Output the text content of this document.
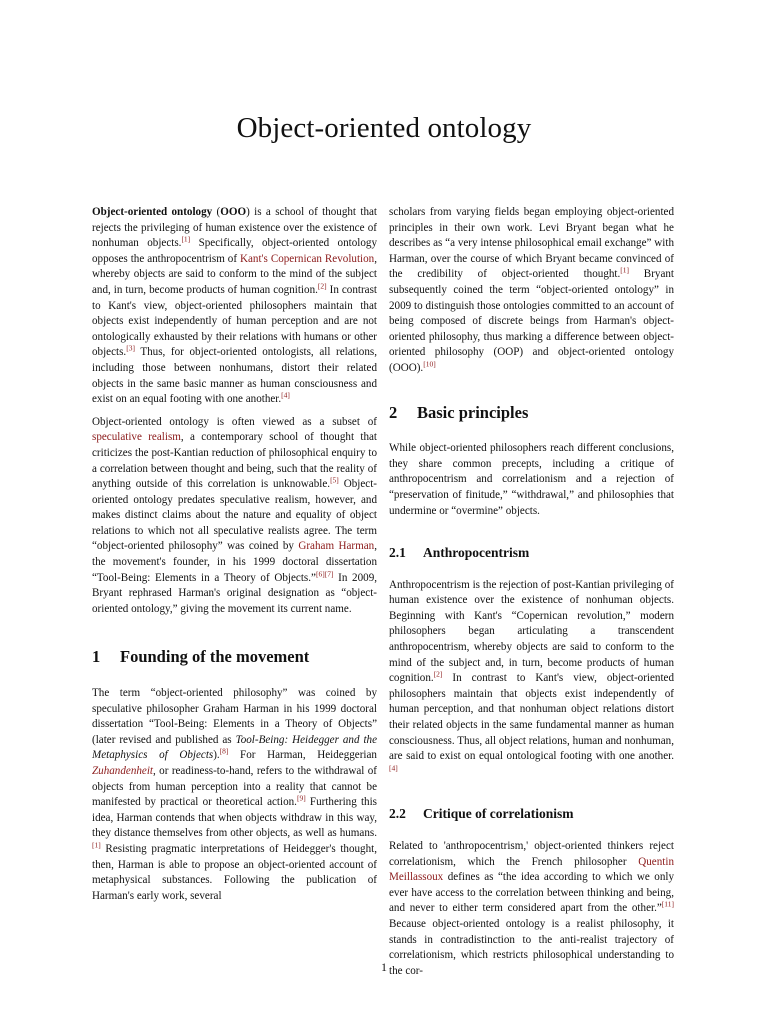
Object-oriented ontology

Object-oriented ontology (OOO) is a school of thought that rejects the privileging of human existence over the existence of nonhuman objects.[1] Specifically, object-oriented ontology opposes the anthropocentrism of Kant's Copernican Revolution, whereby objects are said to conform to the mind of the subject and, in turn, become products of human cognition.[2] In contrast to Kant's view, object-oriented philosophers maintain that objects exist independently of human perception and are not ontologically exhausted by their relations with humans or other objects.[3] Thus, for object-oriented ontologists, all relations, including those between nonhumans, distort their related objects in the same basic manner as human consciousness and exist on an equal footing with one another.[4]

Object-oriented ontology is often viewed as a subset of speculative realism, a contemporary school of thought that criticizes the post-Kantian reduction of philosophical enquiry to a correlation between thought and being, such that the reality of anything outside of this correlation is unknowable.[5] Object-oriented ontology predates speculative realism, however, and makes distinct claims about the nature and equality of object relations to which not all speculative realists agree. The term “object-oriented philosophy” was coined by Graham Harman, the movement's founder, in his 1999 doctoral dissertation “Tool-Being: Elements in a Theory of Objects.”[6][7] In 2009, Bryant rephrased Harman's original designation as “object-oriented ontology,” giving the movement its current name.

1 Founding of the movement

The term “object-oriented philosophy” was coined by speculative philosopher Graham Harman in his 1999 doctoral dissertation “Tool-Being: Elements in a Theory of Objects” (later revised and published as Tool-Being: Heidegger and the Metaphysics of Objects).[8] For Harman, Heideggerian Zuhandenheit, or readiness-to-hand, refers to the withdrawal of objects from human perception into a reality that cannot be manifested by practical or theoretical action.[9] Furthering this idea, Harman contends that when objects withdraw in this way, they distance themselves from other objects, as well as humans.[1] Resisting pragmatic interpretations of Heidegger's thought, then, Harman is able to propose an object-oriented account of metaphysical substances. Following the publication of Harman's early work, several

scholars from varying fields began employing object-oriented principles in their own work. Levi Bryant began what he describes as “a very intense philosophical email exchange” with Harman, over the course of which Bryant became convinced of the credibility of object-oriented thought.[1] Bryant subsequently coined the term “object-oriented ontology” in 2009 to distinguish those ontologies committed to an account of being composed of discrete beings from Harman's object-oriented philosophy, thus marking a difference between object-oriented philosophy (OOP) and object-oriented ontology (OOO).[10]

2 Basic principles

While object-oriented philosophers reach different conclusions, they share common precepts, including a critique of anthropocentrism and correlationism and a rejection of “preservation of finitude,” “withdrawal,” and philosophies that undermine or “overmine” objects.

2.1 Anthropocentrism

Anthropocentrism is the rejection of post-Kantian privileging of human existence over the existence of nonhuman objects. Beginning with Kant's “Copernican revolution,” modern philosophers began articulating a transcendent anthropocentrism, whereby objects are said to conform to the mind of the subject and, in turn, become products of human cognition.[2] In contrast to Kant's view, object-oriented philosophers maintain that objects exist independently of human perception, and that nonhuman object relations distort their related objects in the same fundamental manner as human consciousness. Thus, all object relations, human and nonhuman, are said to exist on equal ontological footing with one another.[4]

2.2 Critique of correlationism

Related to 'anthropocentrism,' object-oriented thinkers reject correlationism, which the French philosopher Quentin Meillassoux defines as “the idea according to which we only ever have access to the correlation between thinking and being, and never to either term considered apart from the other.”[11] Because object-oriented ontology is a realist philosophy, it stands in contradistinction to the anti-realist trajectory of correlationism, which restricts philosophical understanding to the cor-

1
